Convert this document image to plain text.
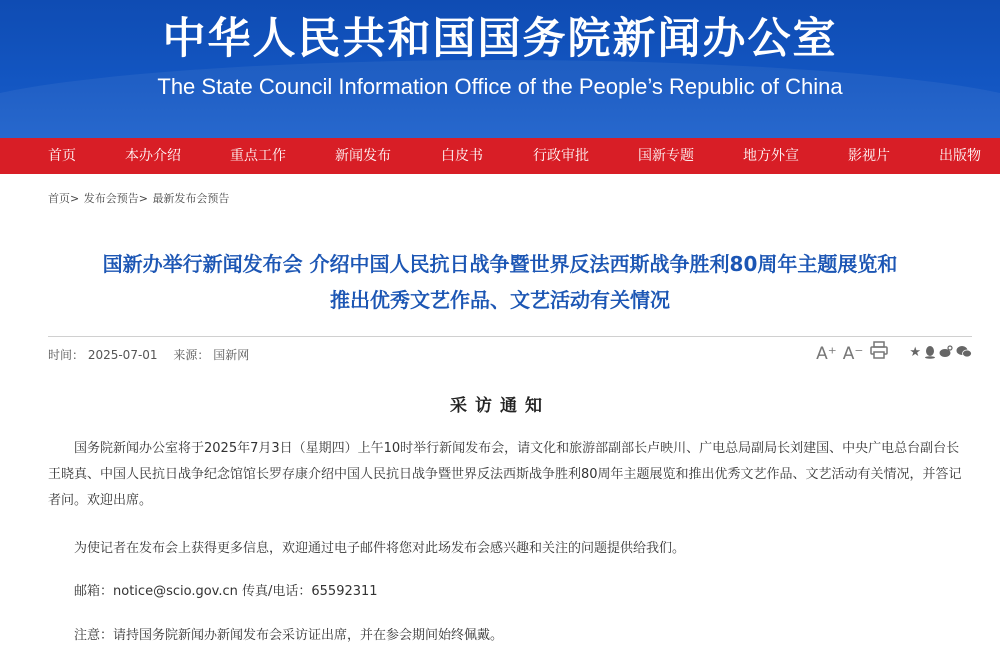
中华人民共和国国务院新闻办公室
The State Council Information Office of the People’s Republic of China
首页	本办介绍	重点工作	新闻发布	白皮书	行政审批	国新专题	地方外宣	影视片	出版物
首页> 发布会预告> 最新发布会预告
国新办举行新闻发布会 介绍中国人民抗日战争暨世界反法西斯战争胜利80周年主题展览和
推出优秀文艺作品、文艺活动有关情况
时间： 2025-07-01 来源： 国新网	A⁺ A⁻	★
采访通知
国务院新闻办公室将于2025年7月3日（星期四）上午10时举行新闻发布会，请文化和旅游部副部长卢映川、广电总局副局长刘建国、中央广电总台副台长王晓真、中国人民抗日战争纪念馆馆长罗存康介绍中国人民抗日战争暨世界反法西斯战争胜利80周年主题展览和推出优秀文艺作品、文艺活动有关情况，并答记者问。欢迎出席。
为使记者在发布会上获得更多信息，欢迎通过电子邮件将您对此场发布会感兴趣和关注的问题提供给我们。
邮箱：notice@scio.gov.cn 传真/电话：65592311
注意：请持国务院新闻办新闻发布会采访证出席，并在参会期间始终佩戴。
